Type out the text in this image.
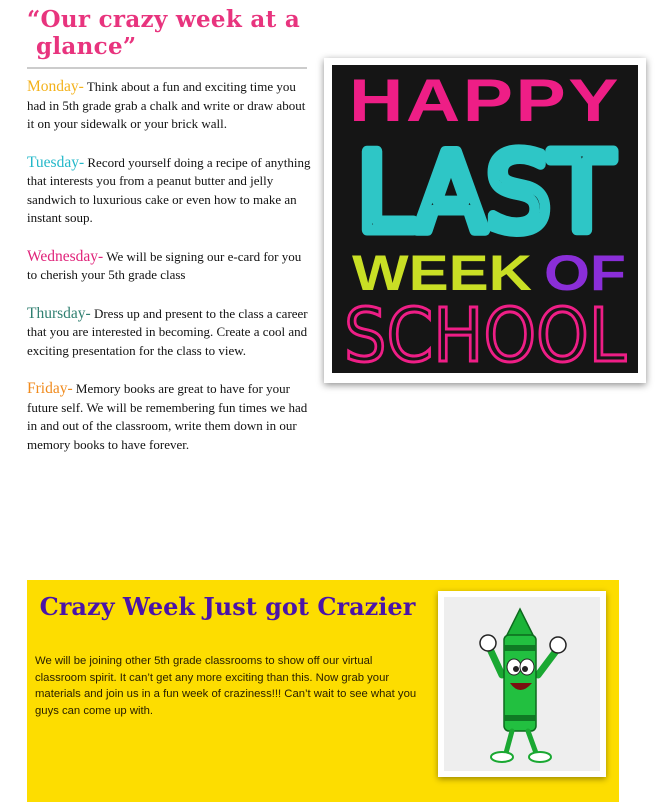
“Our crazy week at a
glance”

Monday- Think about a fun and exciting time you had in 5th grade grab a chalk and write or draw about it on your sidewalk or your brick wall.

Tuesday- Record yourself doing a recipe of anything that interests you from a peanut butter and jelly sandwich to luxurious cake or even how to make an instant soup.

Wednesday- We will be signing our e-card for you to cherish your 5th grade class

Thursday- Dress up and present to the class a career that you are interested in becoming. Create a cool and exciting presentation for the class to view.

Friday- Memory books are great to have for your future self. We will be remembering fun times we had in and out of the classroom, write them down in our memory books to have forever.

HAPPY
LAST
WEEK OF
SCHOOL
Crazy Week Just got Crazier
We will be joining other 5th grade classrooms to show off our virtual classroom spirit. It can’t get any more exciting than this. Now grab your materials and join us in a fun week of craziness!!! Can’t wait to see what you guys can come up with.
